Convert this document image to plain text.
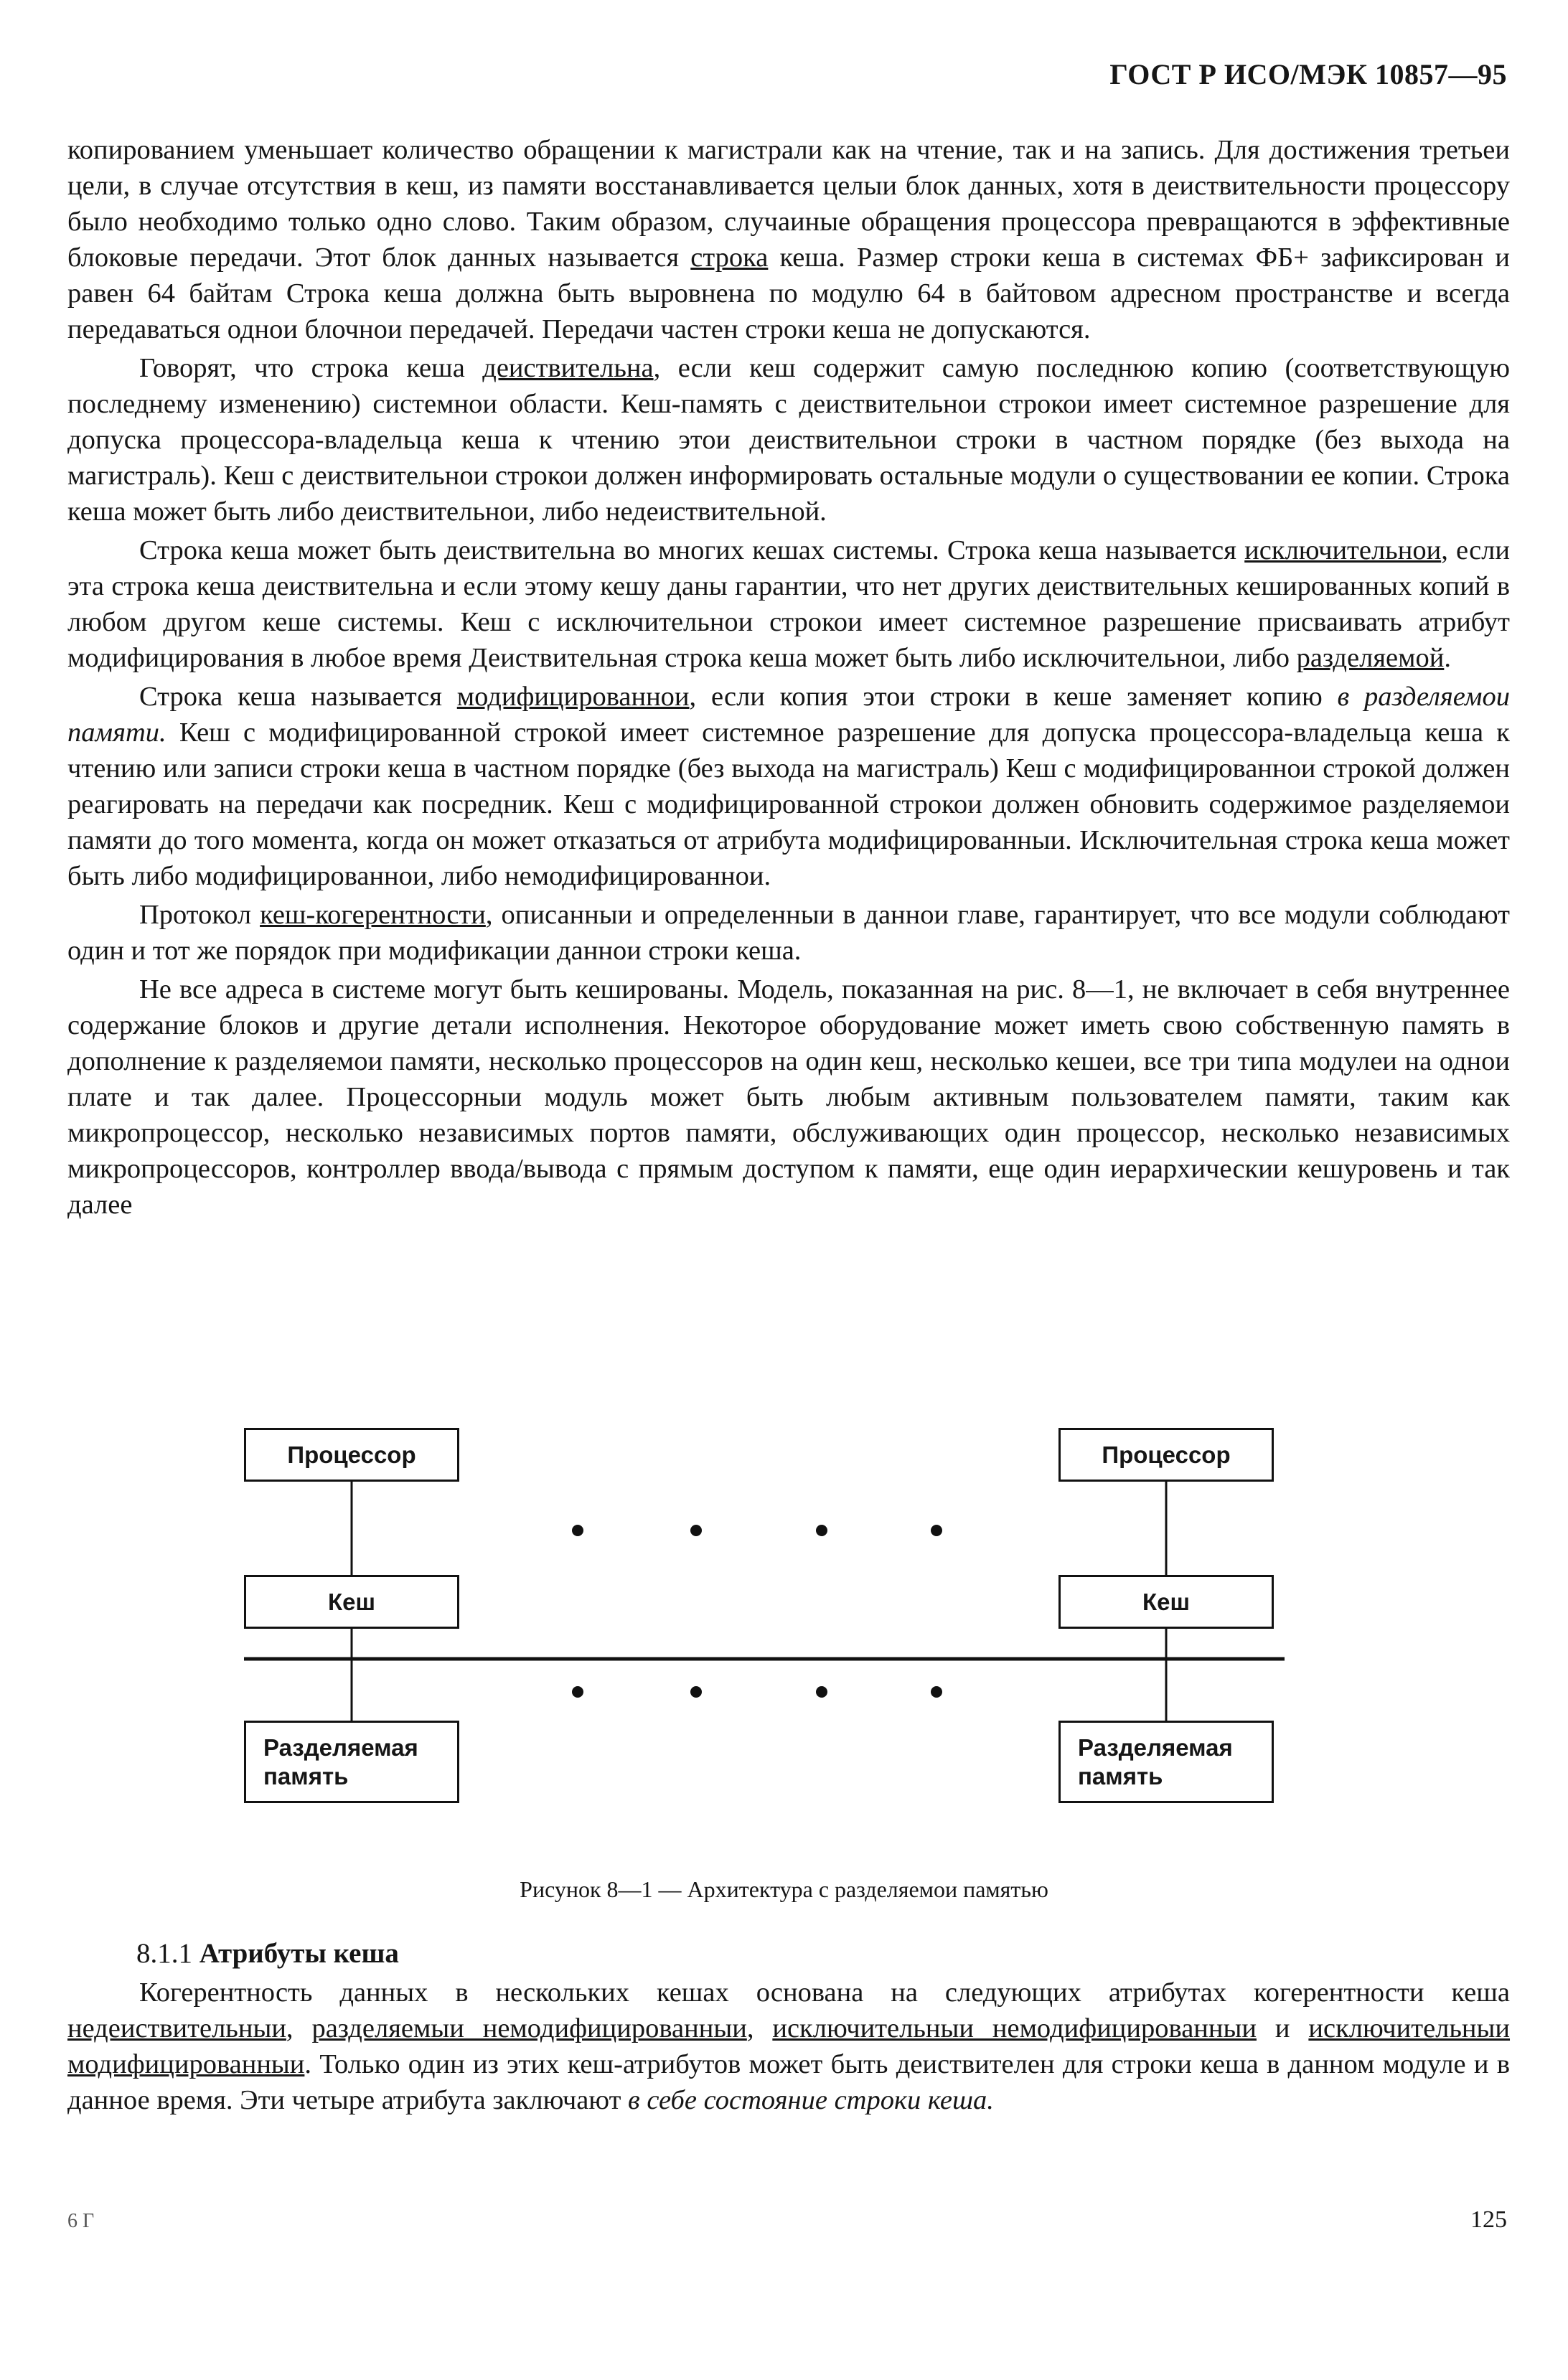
ГОСТ Р ИСО/МЭК 10857—95

копированием уменьшает количество обращении к магистрали как на чтение, так и на запись. Для достижения третьеи цели, в случае отсутствия в кеш, из памяти восстанавливается целыи блок данных, хотя в деиствительности процессору было необходимо только одно слово. Таким образом, случаиные обращения процессора превращаются в эффективные блоковые передачи. Этот блок данных называется строка кеша. Размер строки кеша в системах ФБ+ зафиксирован и равен 64 байтам Строка кеша должна быть выровнена по модулю 64 в байтовом адресном пространстве и всегда передаваться однои блочнои передачей. Передачи частен строки кеша не допускаются.

Говорят, что строка кеша деиствительна, если кеш содержит самую последнюю копию (соответствующую последнему изменению) системнои области. Кеш-память с деиствительнои строкои имеет системное разрешение для допуска процессора-владельца кеша к чтению этои деиствительнои строки в частном порядке (без выхода на магистраль). Кеш с деиствительнои строкои должен информировать остальные модули о существовании ее копии. Строка кеша может быть либо деиствительнои, либо недеиствительной.

Строка кеша может быть деиствительна во многих кешах системы. Строка кеша называется исключительнои, если эта строка кеша деиствительна и если этому кешу даны гарантии, что нет других деиствительных кешированных копий в любом другом кеше системы. Кеш с исключительнои строкои имеет системное разрешение присваивать атрибут модифицирования в любое время Деиствительная строка кеша может быть либо исключительнои, либо разделяемой.

Строка кеша называется модифицированнои, если копия этои строки в кеше заменяет копию в разделяемои памяти. Кеш с модифицированной строкой имеет системное разрешение для допуска процессора-владельца кеша к чтению или записи строки кеша в частном порядке (без выхода на магистраль) Кеш с модифицированнои строкой должен реагировать на передачи как посредник. Кеш с модифицированной строкои должен обновить содержимое разделяемои памяти до того момента, когда он может отказаться от атрибута модифицированныи. Исключительная строка кеша может быть либо модифицированнои, либо немодифицированнои.

Протокол кеш-когерентности, описанныи и определенныи в даннои главе, гарантирует, что все модули соблюдают один и тот же порядок при модификации даннои строки кеша.

Не все адреса в системе могут быть кешированы. Модель, показанная на рис. 8—1, не включает в себя внутреннее содержание блоков и другие детали исполнения. Некоторое оборудование может иметь свою собственную память в дополнение к разделяемои памяти, несколько процессоров на один кеш, несколько кешеи, все три типа модулеи на однои плате и так далее. Процессорныи модуль может быть любым активным пользователем памяти, таким как микропроцессор, несколько независимых портов памяти, обслуживающих один процессор, несколько независимых микропроцессоров, контроллер ввода/вывода с прямым доступом к памяти, еще один иерархическии кешуровень и так далее

Процессор	Процессор
Кеш	Кеш
Разделяемая память
Разделяемая память
Рисунок 8—1 — Архитектура с разделяемои памятью
8.1.1 Атрибуты кеша

Когерентность данных в нескольких кешах основана на следующих атрибутах когерентности кеша недеиствительныи, разделяемыи немодифицированныи, исключительныи немодифицированныи и исключительныи модифицированныи. Только один из этих кеш-атрибутов может быть деиствителен для строки кеша в данном модуле и в данное время. Эти четыре атрибута заключают в себе состояние строки кеша.

6 Г	125
